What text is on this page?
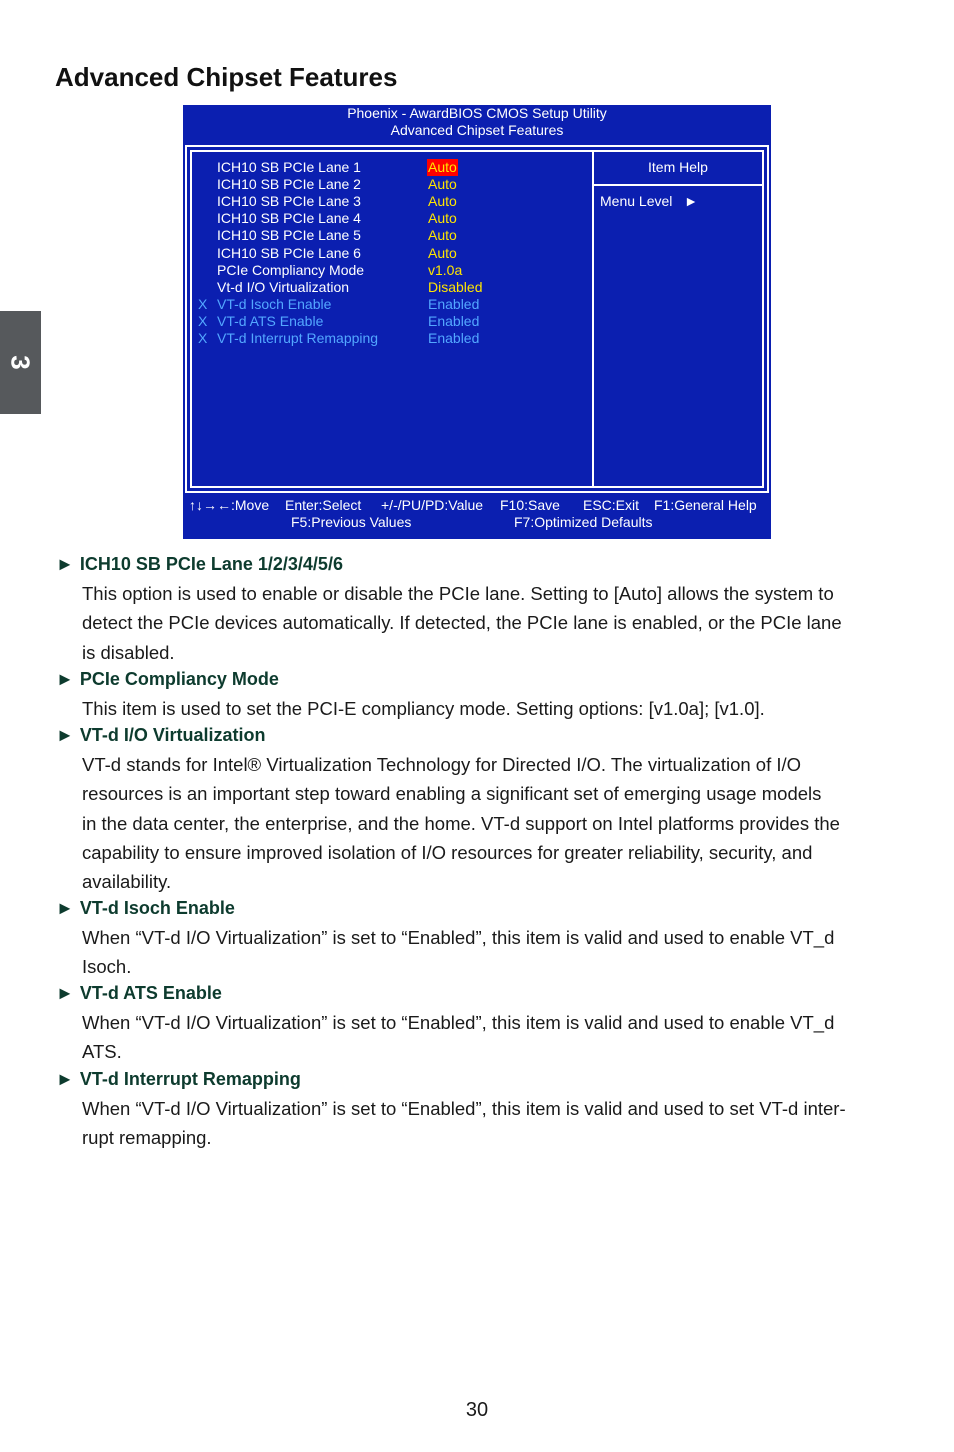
3
Advanced Chipset Features
Phoenix - AwardBIOS CMOS Setup Utility
Advanced Chipset Features
Item Help
Menu Level ►
ICH10 SB PCIe Lane 1	Auto
ICH10 SB PCIe Lane 2	Auto
ICH10 SB PCIe Lane 3	Auto
ICH10 SB PCIe Lane 4	Auto
ICH10 SB PCIe Lane 5	Auto
ICH10 SB PCIe Lane 6	Auto
PCIe Compliancy Mode	v1.0a
Vt-d I/O Virtualization	Disabled
X VT-d Isoch Enable	Enabled
X VT-d ATS Enable	Enabled
X VT-d Interrupt Remapping	Enabled
↑↓→←:Move Enter:Select +/-/PU/PD:Value F10:Save ESC:Exit F1:General Help
F5:Previous Values	F7:Optimized Defaults
► ICH10 SB PCIe Lane 1/2/3/4/5/6

This option is used to enable or disable the PCIe lane. Setting to [Auto] allows the system to
detect the PCIe devices automatically. If detected, the PCIe lane is enabled, or the PCIe lane
is disabled.

► PCIe Compliancy Mode

This item is used to set the PCI-E compliancy mode. Setting options: [v1.0a]; [v1.0].

► VT-d I/O Virtualization

VT-d stands for Intel® Virtualization Technology for Directed I/O. The virtualization of I/O
resources is an important step toward enabling a significant set of emerging usage models
in the data center, the enterprise, and the home. VT-d support on Intel platforms provides the
capability to ensure improved isolation of I/O resources for greater reliability, security, and
availability.

► VT-d Isoch Enable

When “VT-d I/O Virtualization” is set to “Enabled”, this item is valid and used to enable VT_d
Isoch.

► VT-d ATS Enable

When “VT-d I/O Virtualization” is set to “Enabled”, this item is valid and used to enable VT_d
ATS.

► VT-d Interrupt Remapping

When “VT-d I/O Virtualization” is set to “Enabled”, this item is valid and used to set VT-d inter-
rupt remapping.

30
